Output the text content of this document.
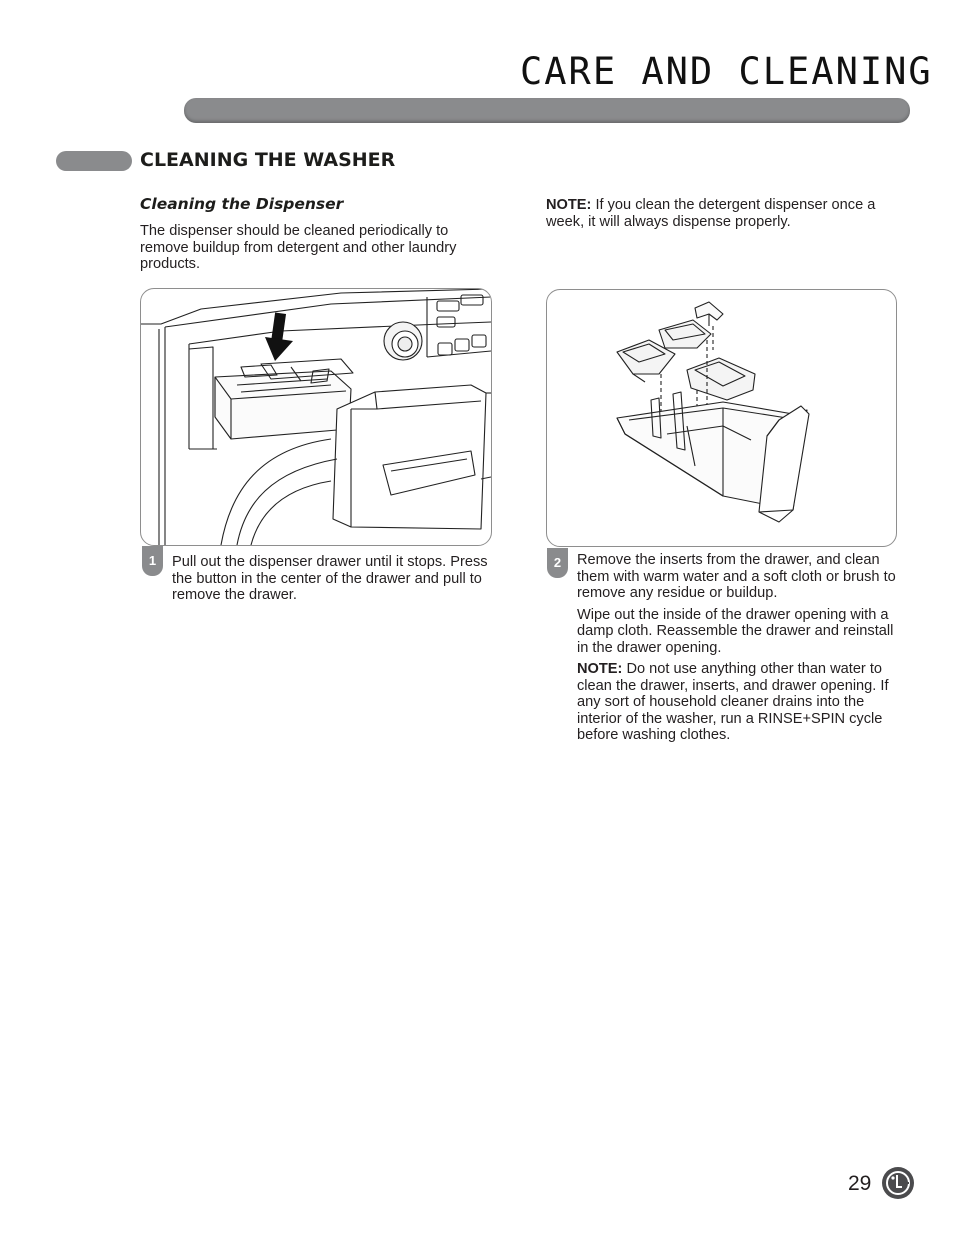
CARE AND CLEANING
CLEANING THE WASHER
Cleaning the Dispenser
The dispenser should be cleaned periodically to remove buildup from detergent and other laundry products.
NOTE: If you clean the detergent dispenser once a week, it will always dispense properly.
1	Pull out the dispenser drawer until it stops. Press the button in the center of the drawer and pull to remove the drawer.
2	Remove the inserts from the drawer, and clean them with warm water and a soft cloth or brush to remove any residue or buildup.

Wipe out the inside of the drawer opening with a damp cloth. Reassemble the drawer and reinstall in the drawer opening.

NOTE: Do not use anything other than water to clean the drawer, inserts, and drawer opening. If any sort of household cleaner drains into the interior of the washer, run a RINSE+SPIN cycle before washing clothes.

29
